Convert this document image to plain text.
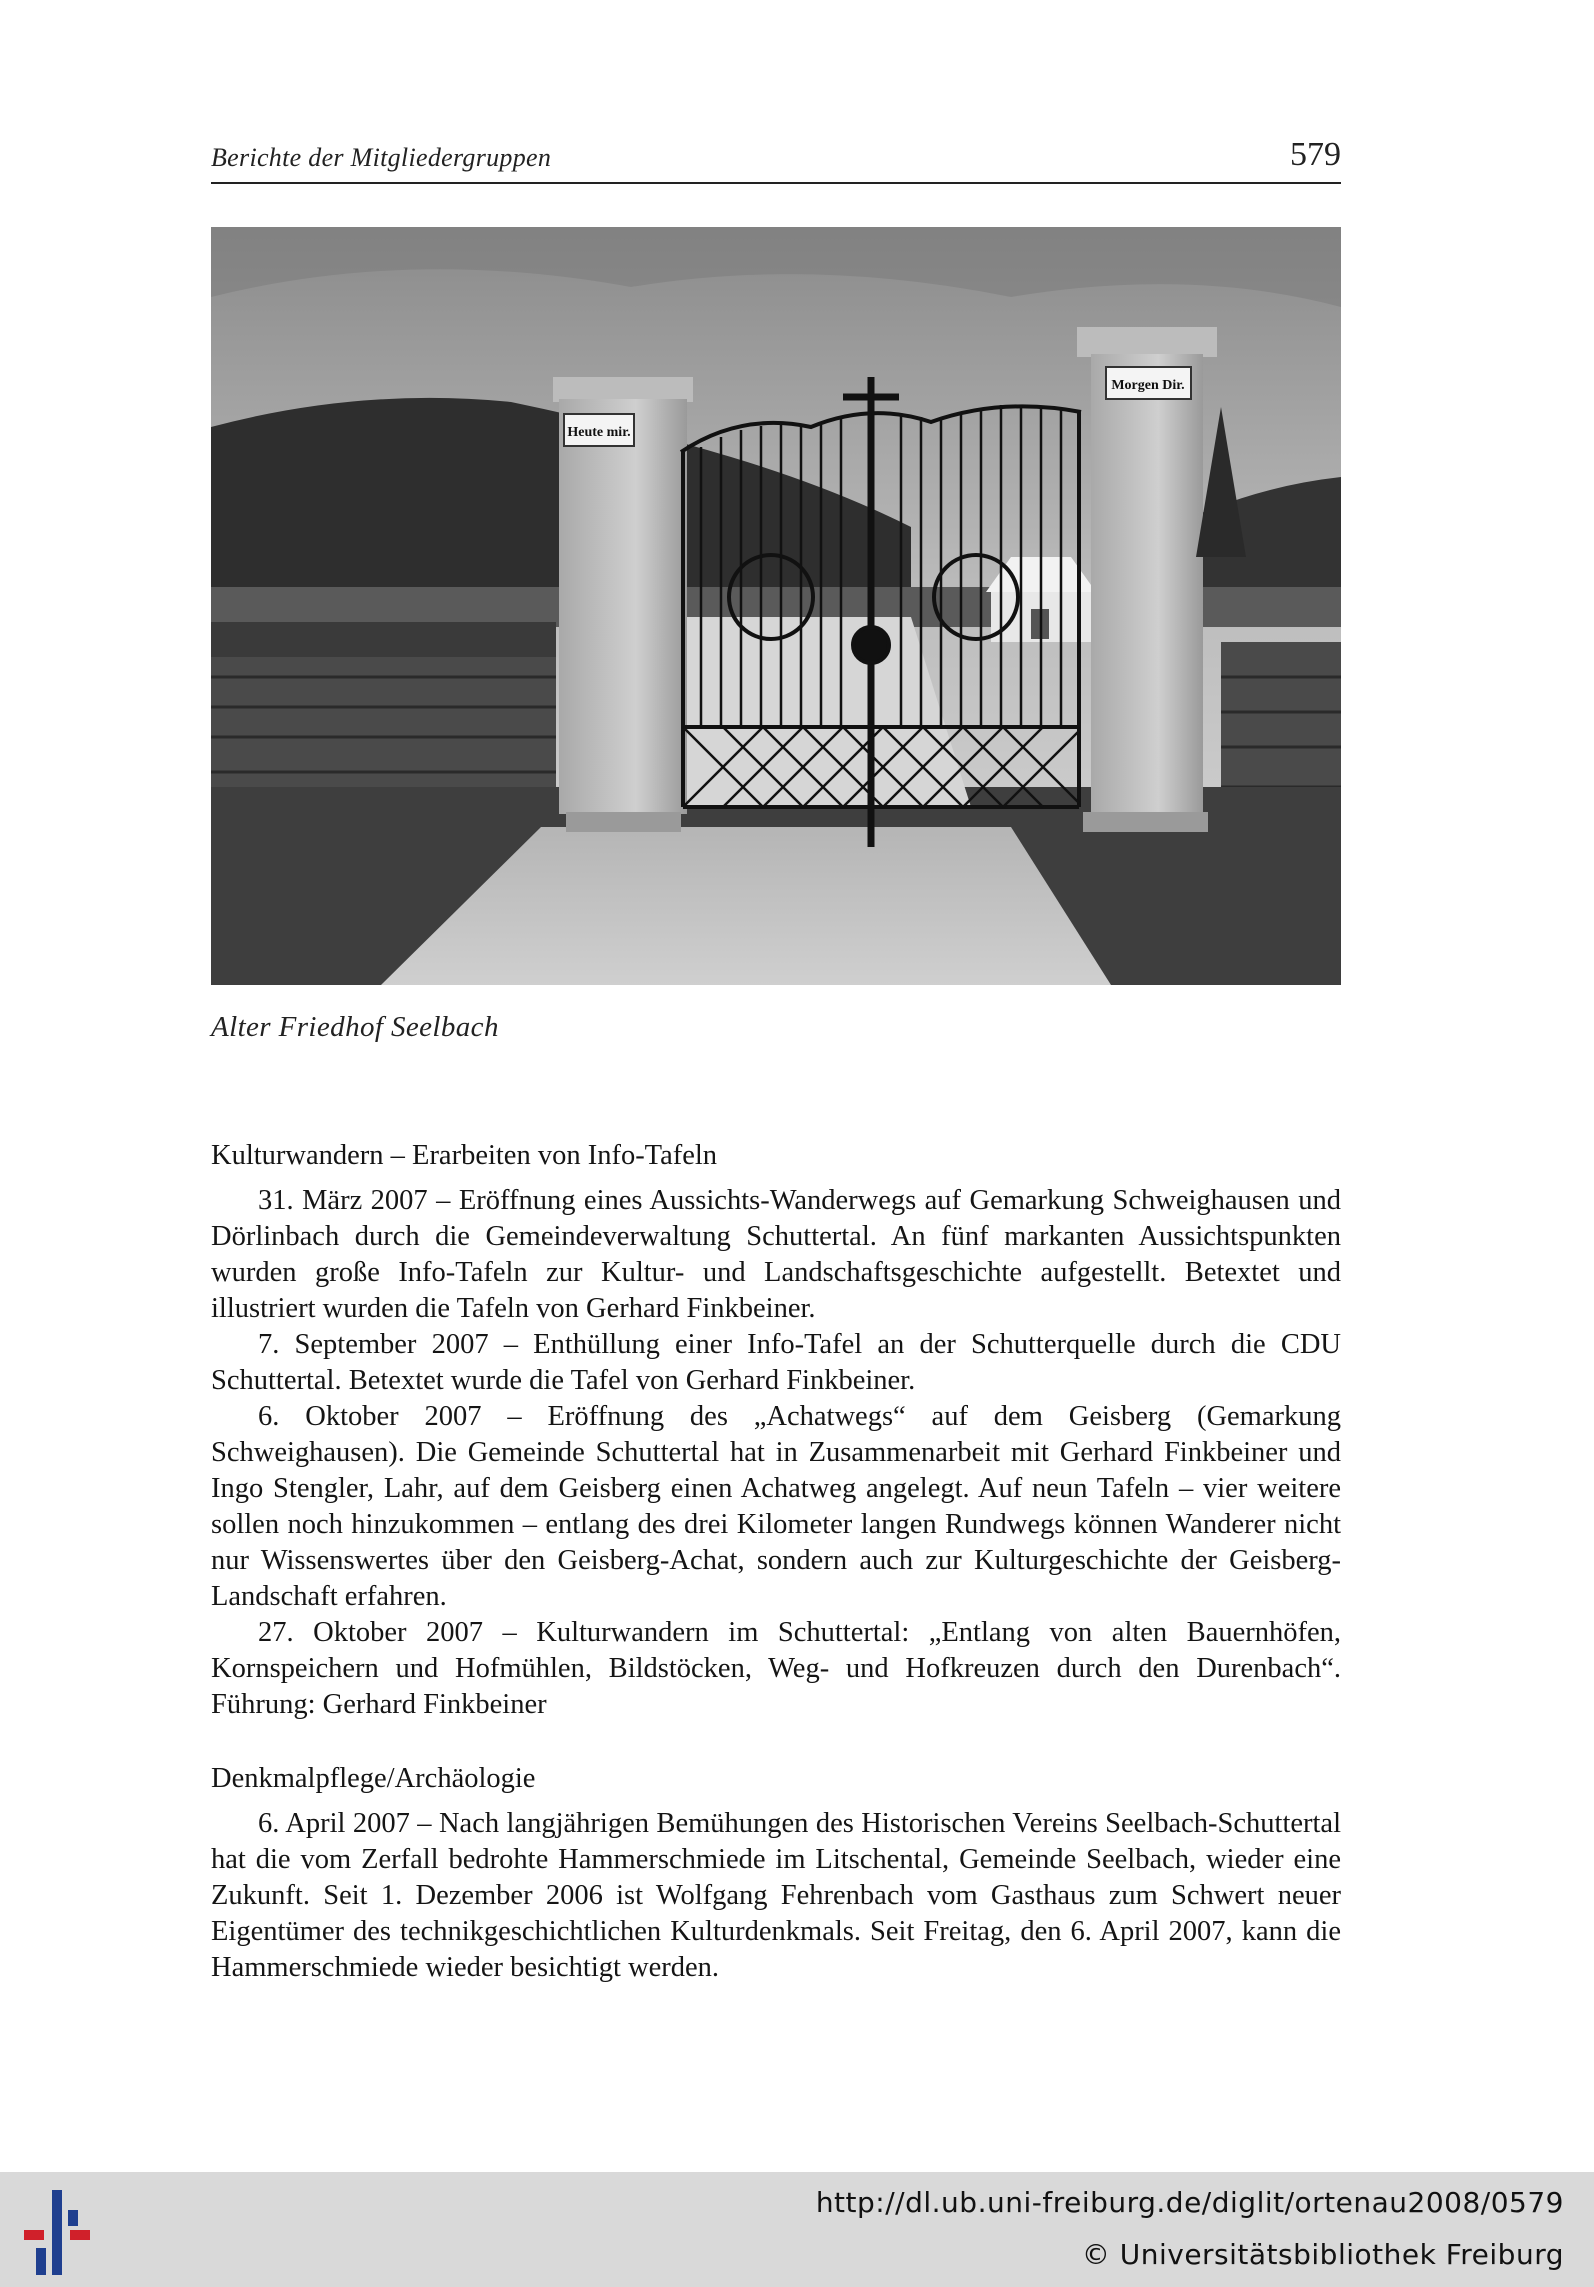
Berichte der Mitgliedergruppen	579
Heute mir.
Morgen Dir.
Alter Friedhof Seelbach
Kulturwandern – Erarbeiten von Info-Tafeln

31. März 2007 – Eröffnung eines Aussichts-Wanderwegs auf Gemarkung Schweighausen und Dörlinbach durch die Gemeindeverwaltung Schuttertal. An fünf markanten Aussichtspunkten wurden große Info-Tafeln zur Kultur- und Landschaftsgeschichte aufgestellt. Betextet und illustriert wurden die Tafeln von Gerhard Finkbeiner.

7. September 2007 – Enthüllung einer Info-Tafel an der Schutterquelle durch die CDU Schuttertal. Betextet wurde die Tafel von Gerhard Finkbeiner.

6. Oktober 2007 – Eröffnung des „Achatwegs“ auf dem Geisberg (Gemarkung Schweighausen). Die Gemeinde Schuttertal hat in Zusammenarbeit mit Gerhard Finkbeiner und Ingo Stengler, Lahr, auf dem Geisberg einen Achatweg angelegt. Auf neun Tafeln – vier weitere sollen noch hinzukommen – entlang des drei Kilometer langen Rundwegs können Wanderer nicht nur Wissenswertes über den Geisberg-Achat, sondern auch zur Kulturgeschichte der Geisberg-Landschaft erfahren.

27. Oktober 2007 – Kulturwandern im Schuttertal: „Entlang von alten Bauernhöfen, Kornspeichern und Hofmühlen, Bildstöcken, Weg- und Hofkreuzen durch den Durenbach“. Führung: Gerhard Finkbeiner

Denkmalpflege/Archäologie

6. April 2007 – Nach langjährigen Bemühungen des Historischen Vereins Seelbach-Schuttertal hat die vom Zerfall bedrohte Hammerschmiede im Litschental, Gemeinde Seelbach, wieder eine Zukunft. Seit 1. Dezember 2006 ist Wolfgang Fehrenbach vom Gasthaus zum Schwert neuer Eigentümer des technikgeschichtlichen Kulturdenkmals. Seit Freitag, den 6. April 2007, kann die Hammerschmiede wieder besichtigt werden.

http://dl.ub.uni-freiburg.de/diglit/ortenau2008/0579
© Universitätsbibliothek Freiburg
